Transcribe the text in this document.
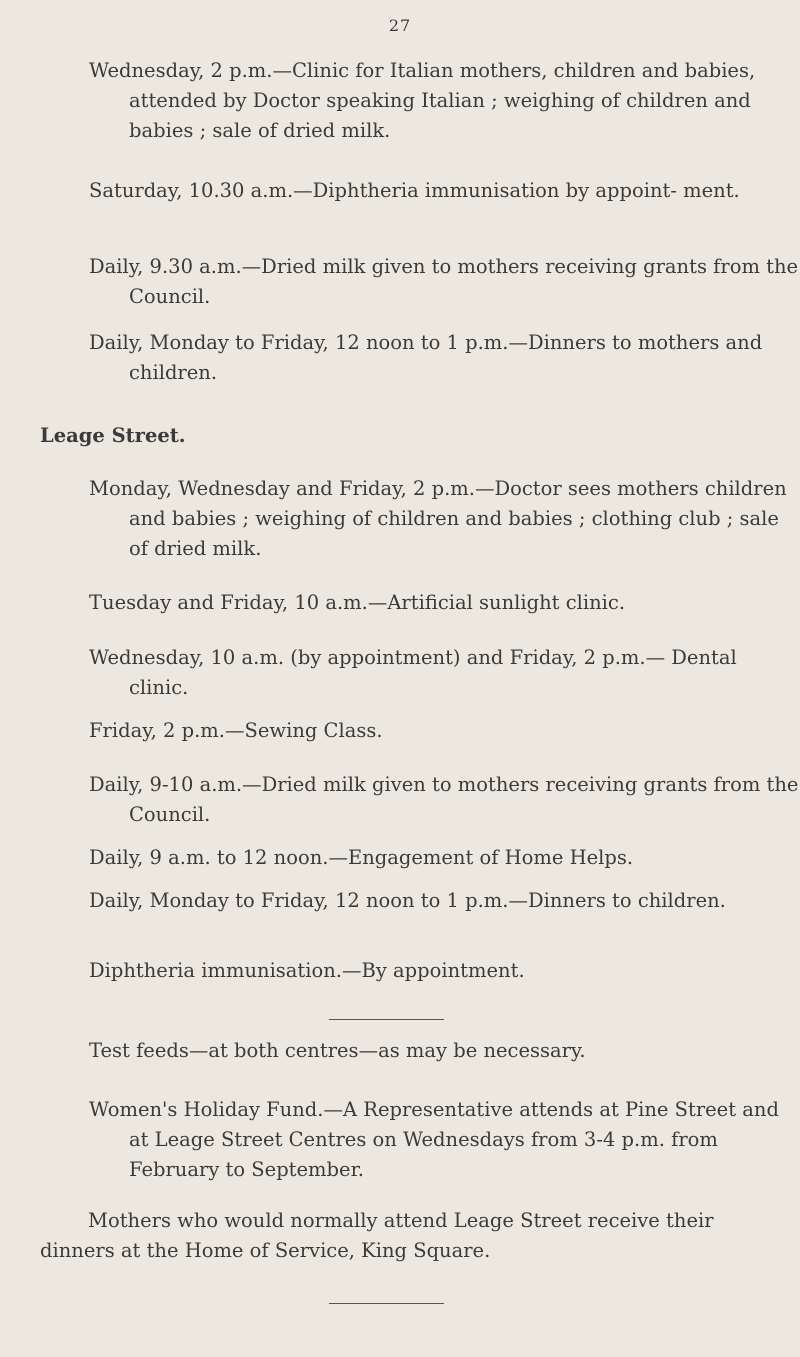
27
Wednesday, 2 p.m.—Clinic for Italian mothers, children and babies, attended by Doctor speaking Italian ; weighing of children and babies ; sale of dried milk.
Saturday, 10.30 a.m.—Diphtheria immunisation by appoint- ment.
Daily, 9.30 a.m.—Dried milk given to mothers receiving grants from the Council.
Daily, Monday to Friday, 12 noon to 1 p.m.—Dinners to mothers and children.
Leage Street.
Monday, Wednesday and Friday, 2 p.m.—Doctor sees mothers children and babies ; weighing of children and babies ; clothing club ; sale of dried milk.
Tuesday and Friday, 10 a.m.—Artificial sunlight clinic.
Wednesday, 10 a.m. (by appointment) and Friday, 2 p.m.— Dental clinic.
Friday, 2 p.m.—Sewing Class.
Daily, 9-10 a.m.—Dried milk given to mothers receiving grants from the Council.
Daily, 9 a.m. to 12 noon.—Engagement of Home Helps.
Daily, Monday to Friday, 12 noon to 1 p.m.—Dinners to children.
Diphtheria immunisation.—By appointment.
Test feeds—at both centres—as may be necessary.
Women's Holiday Fund.—A Representative attends at Pine Street and at Leage Street Centres on Wednesdays from 3-4 p.m. from February to September.
Mothers who would normally attend Leage Street receive their dinners at the Home of Service, King Square.
